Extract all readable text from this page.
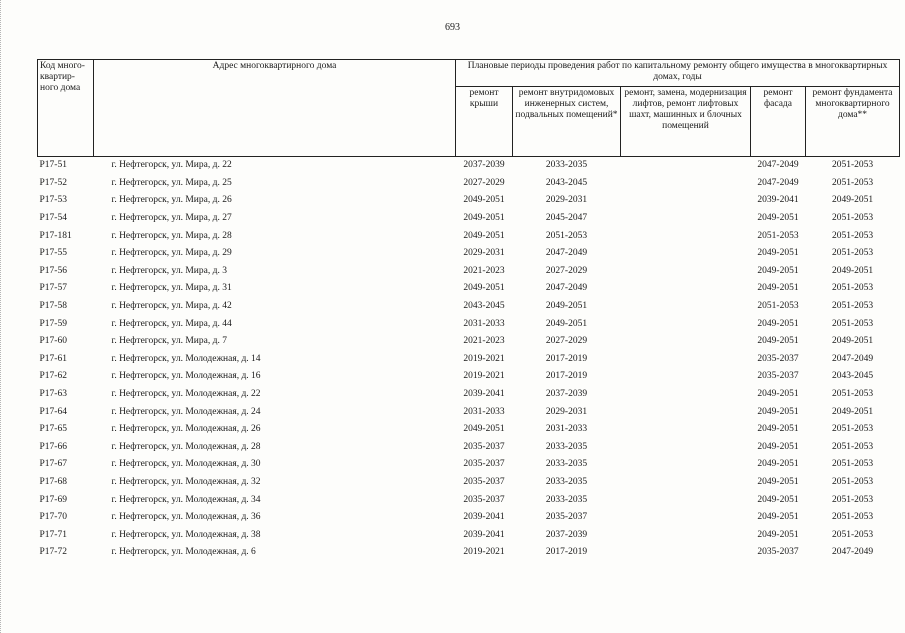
693
Код много-квартир-ного дома	Адрес многоквартирного дома	Плановые периоды проведения работ по капитальному ремонту общего имущества в многоквартирных домах, годы				
		ремонт крыши	ремонт внутридомовых инженерных систем, подвальных помещений*	ремонт, замена, модернизация лифтов, ремонт лифтовых шахт, машинных и блочных помещений	ремонт фасада	ремонт фундамента многоквартирного дома**
P17-51	г. Нефтегорск, ул. Мира, д. 22	2037-2039	2033-2035		2047-2049	2051-2053
P17-52	г. Нефтегорск, ул. Мира, д. 25	2027-2029	2043-2045		2047-2049	2051-2053
P17-53	г. Нефтегорск, ул. Мира, д. 26	2049-2051	2029-2031		2039-2041	2049-2051
P17-54	г. Нефтегорск, ул. Мира, д. 27	2049-2051	2045-2047		2049-2051	2051-2053
P17-181	г. Нефтегорск, ул. Мира, д. 28	2049-2051	2051-2053		2051-2053	2051-2053
P17-55	г. Нефтегорск, ул. Мира, д. 29	2029-2031	2047-2049		2049-2051	2051-2053
P17-56	г. Нефтегорск, ул. Мира, д. 3	2021-2023	2027-2029		2049-2051	2049-2051
P17-57	г. Нефтегорск, ул. Мира, д. 31	2049-2051	2047-2049		2049-2051	2051-2053
P17-58	г. Нефтегорск, ул. Мира, д. 42	2043-2045	2049-2051		2051-2053	2051-2053
P17-59	г. Нефтегорск, ул. Мира, д. 44	2031-2033	2049-2051		2049-2051	2051-2053
P17-60	г. Нефтегорск, ул. Мира, д. 7	2021-2023	2027-2029		2049-2051	2049-2051
P17-61	г. Нефтегорск, ул. Молодежная, д. 14	2019-2021	2017-2019		2035-2037	2047-2049
P17-62	г. Нефтегорск, ул. Молодежная, д. 16	2019-2021	2017-2019		2035-2037	2043-2045
P17-63	г. Нефтегорск, ул. Молодежная, д. 22	2039-2041	2037-2039		2049-2051	2051-2053
P17-64	г. Нефтегорск, ул. Молодежная, д. 24	2031-2033	2029-2031		2049-2051	2049-2051
P17-65	г. Нефтегорск, ул. Молодежная, д. 26	2049-2051	2031-2033		2049-2051	2051-2053
P17-66	г. Нефтегорск, ул. Молодежная, д. 28	2035-2037	2033-2035		2049-2051	2051-2053
P17-67	г. Нефтегорск, ул. Молодежная, д. 30	2035-2037	2033-2035		2049-2051	2051-2053
P17-68	г. Нефтегорск, ул. Молодежная, д. 32	2035-2037	2033-2035		2049-2051	2051-2053
P17-69	г. Нефтегорск, ул. Молодежная, д. 34	2035-2037	2033-2035		2049-2051	2051-2053
P17-70	г. Нефтегорск, ул. Молодежная, д. 36	2039-2041	2035-2037		2049-2051	2051-2053
P17-71	г. Нефтегорск, ул. Молодежная, д. 38	2039-2041	2037-2039		2049-2051	2051-2053
P17-72	г. Нефтегорск, ул. Молодежная, д. 6	2019-2021	2017-2019		2035-2037	2047-2049
